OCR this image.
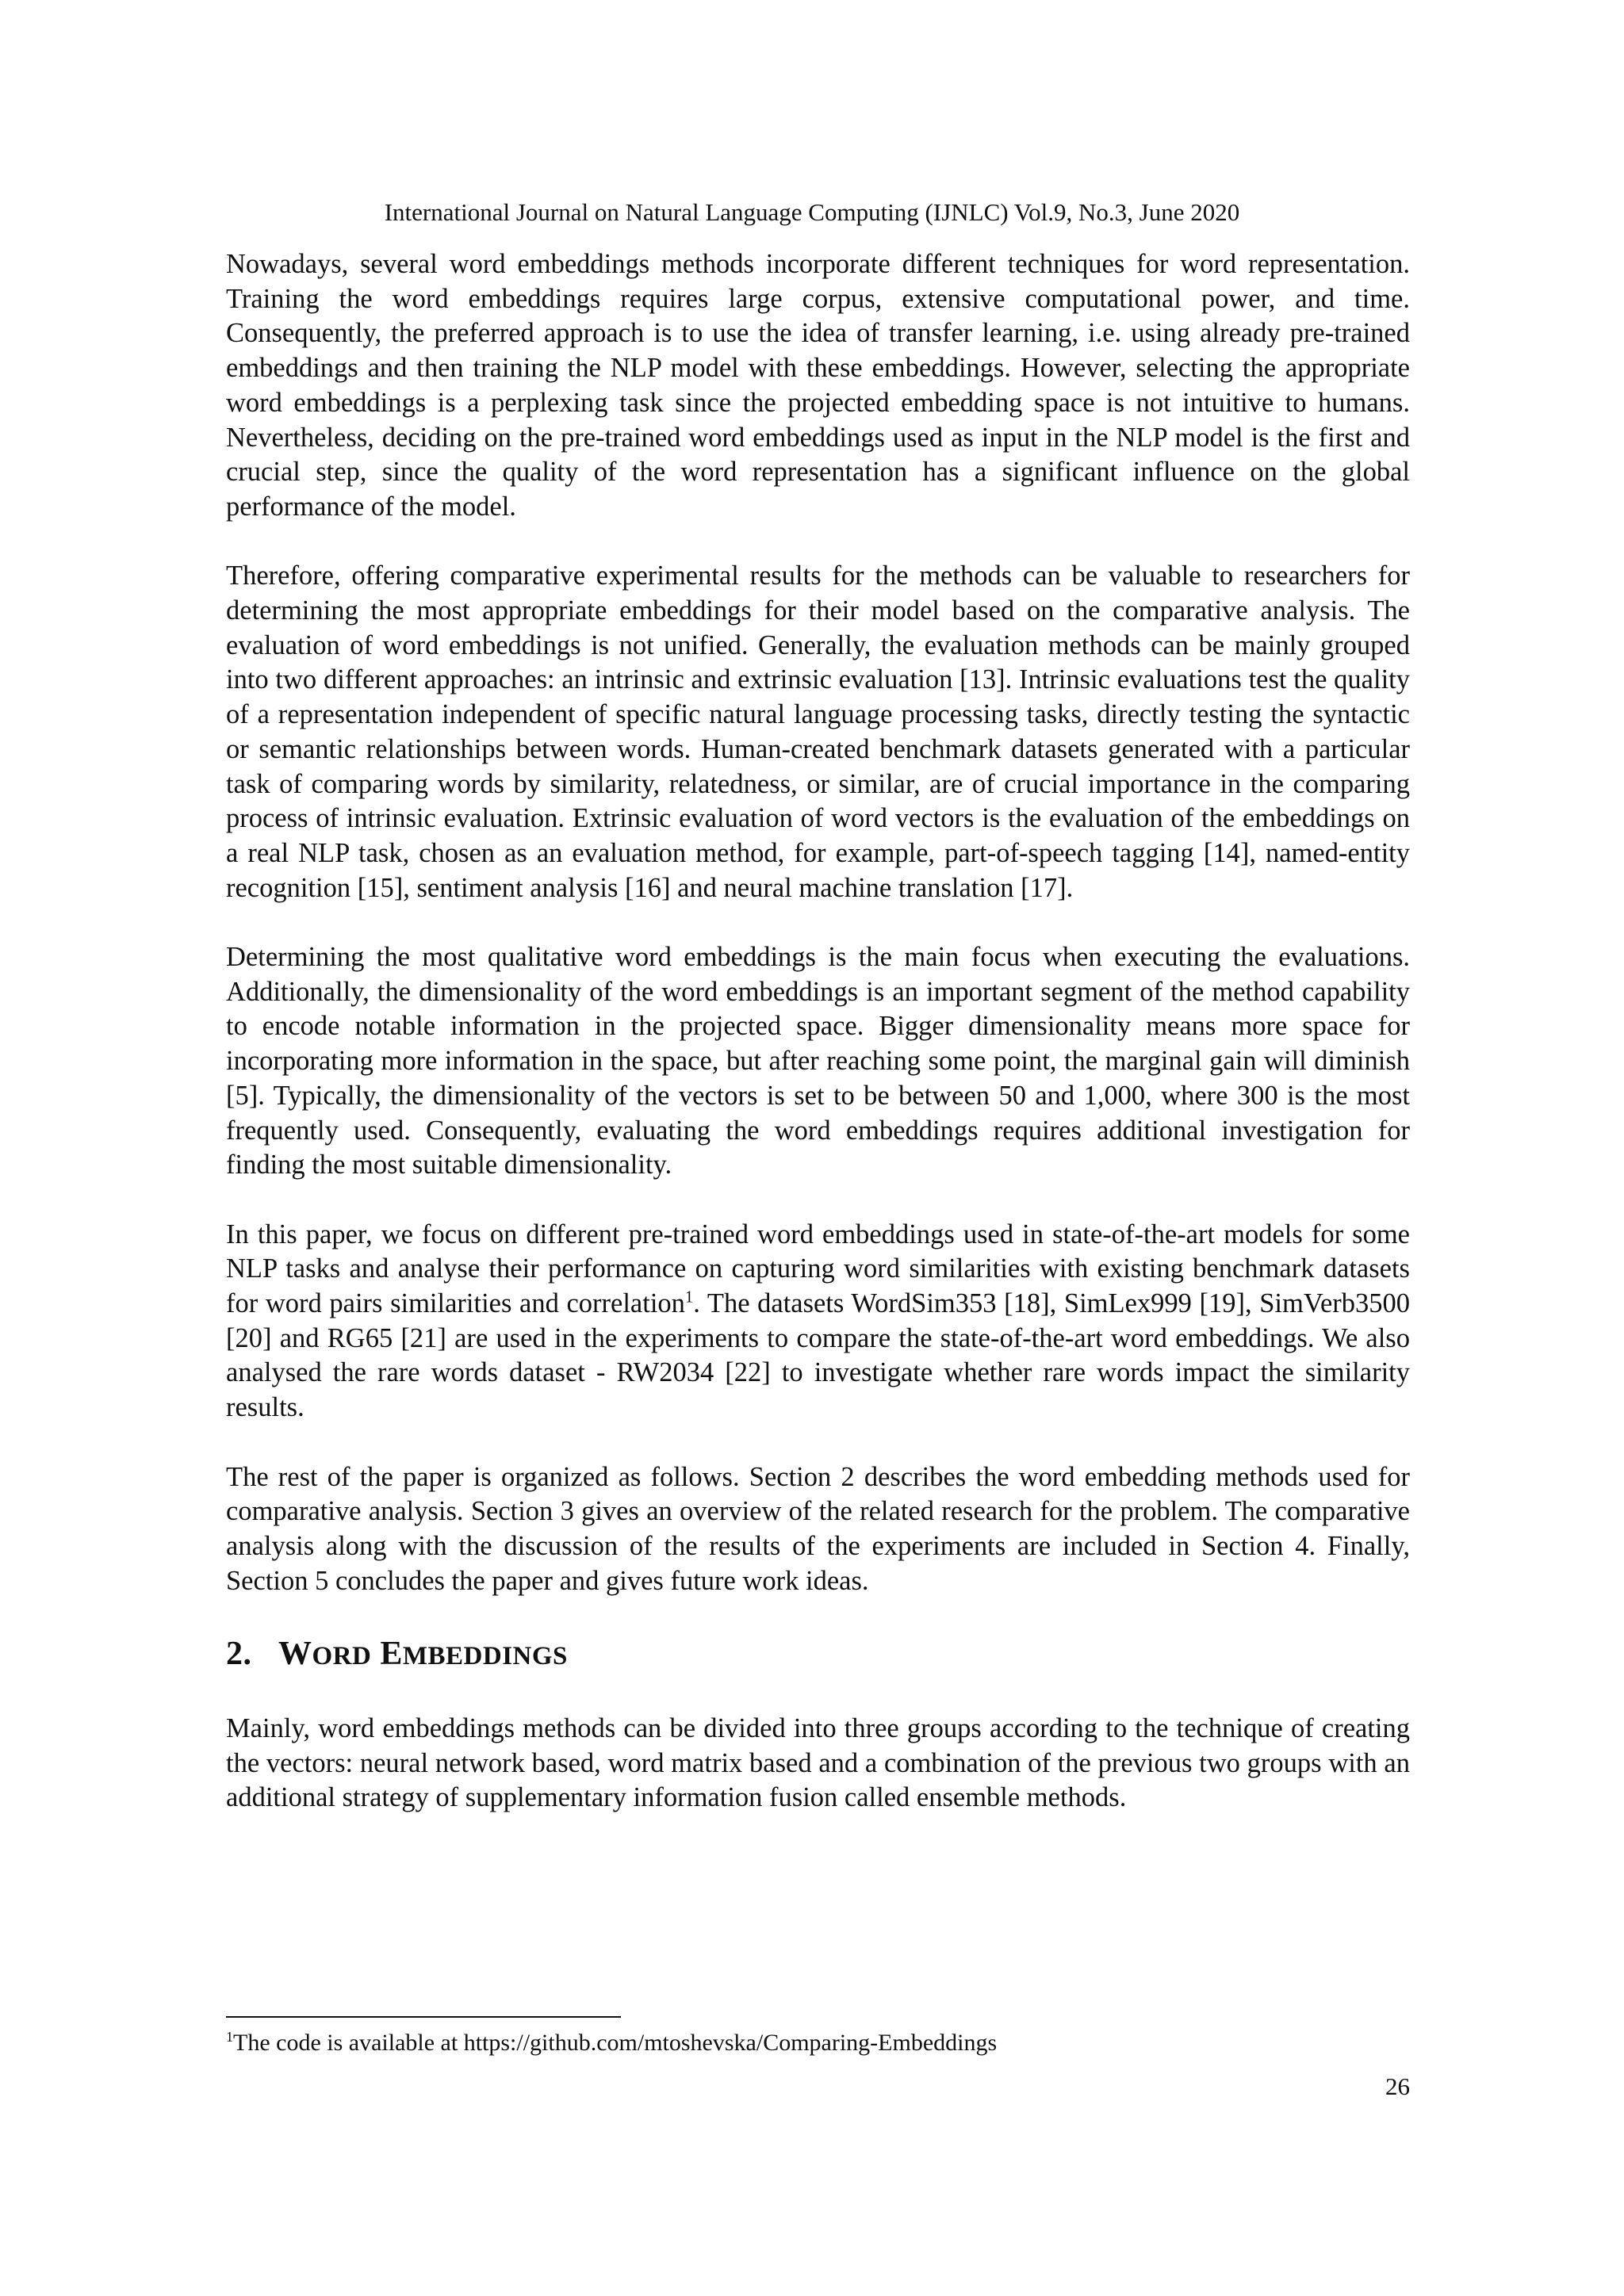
International Journal on Natural Language Computing (IJNLC) Vol.9, No.3, June 2020

Nowadays, several word embeddings methods incorporate different techniques for word representation. Training the word embeddings requires large corpus, extensive computational power, and time. Consequently, the preferred approach is to use the idea of transfer learning, i.e. using already pre-trained embeddings and then training the NLP model with these embeddings. However, selecting the appropriate word embeddings is a perplexing task since the projected embedding space is not intuitive to humans. Nevertheless, deciding on the pre-trained word embeddings used as input in the NLP model is the first and crucial step, since the quality of the word representation has a significant influence on the global performance of the model.

Therefore, offering comparative experimental results for the methods can be valuable to researchers for determining the most appropriate embeddings for their model based on the comparative analysis. The evaluation of word embeddings is not unified. Generally, the evaluation methods can be mainly grouped into two different approaches: an intrinsic and extrinsic evaluation [13]. Intrinsic evaluations test the quality of a representation independent of specific natural language processing tasks, directly testing the syntactic or semantic relationships between words. Human-created benchmark datasets generated with a particular task of comparing words by similarity, relatedness, or similar, are of crucial importance in the comparing process of intrinsic evaluation. Extrinsic evaluation of word vectors is the evaluation of the embeddings on a real NLP task, chosen as an evaluation method, for example, part-of-speech tagging [14], named-entity recognition [15], sentiment analysis [16] and neural machine translation [17].

Determining the most qualitative word embeddings is the main focus when executing the evaluations. Additionally, the dimensionality of the word embeddings is an important segment of the method capability to encode notable information in the projected space. Bigger dimensionality means more space for incorporating more information in the space, but after reaching some point, the marginal gain will diminish [5]. Typically, the dimensionality of the vectors is set to be between 50 and 1,000, where 300 is the most frequently used. Consequently, evaluating the word embeddings requires additional investigation for finding the most suitable dimensionality.

In this paper, we focus on different pre-trained word embeddings used in state-of-the-art models for some NLP tasks and analyse their performance on capturing word similarities with existing benchmark datasets for word pairs similarities and correlation$^1$. The datasets WordSim353 [18], SimLex999 [19], SimVerb3500 [20] and RG65 [21] are used in the experiments to compare the state-of-the-art word embeddings. We also analysed the rare words dataset - RW2034 [22] to investigate whether rare words impact the similarity results.

The rest of the paper is organized as follows. Section 2 describes the word embedding methods used for comparative analysis. Section 3 gives an overview of the related research for the problem. The comparative analysis along with the discussion of the results of the experiments are included in Section 4. Finally, Section 5 concludes the paper and gives future work ideas.

2. WORD EMBEDDINGS

Mainly, word embeddings methods can be divided into three groups according to the technique of creating the vectors: neural network based, word matrix based and a combination of the previous two groups with an additional strategy of supplementary information fusion called ensemble methods.

$^1$The code is available at https://github.com/mtoshevska/Comparing-Embeddings
26
